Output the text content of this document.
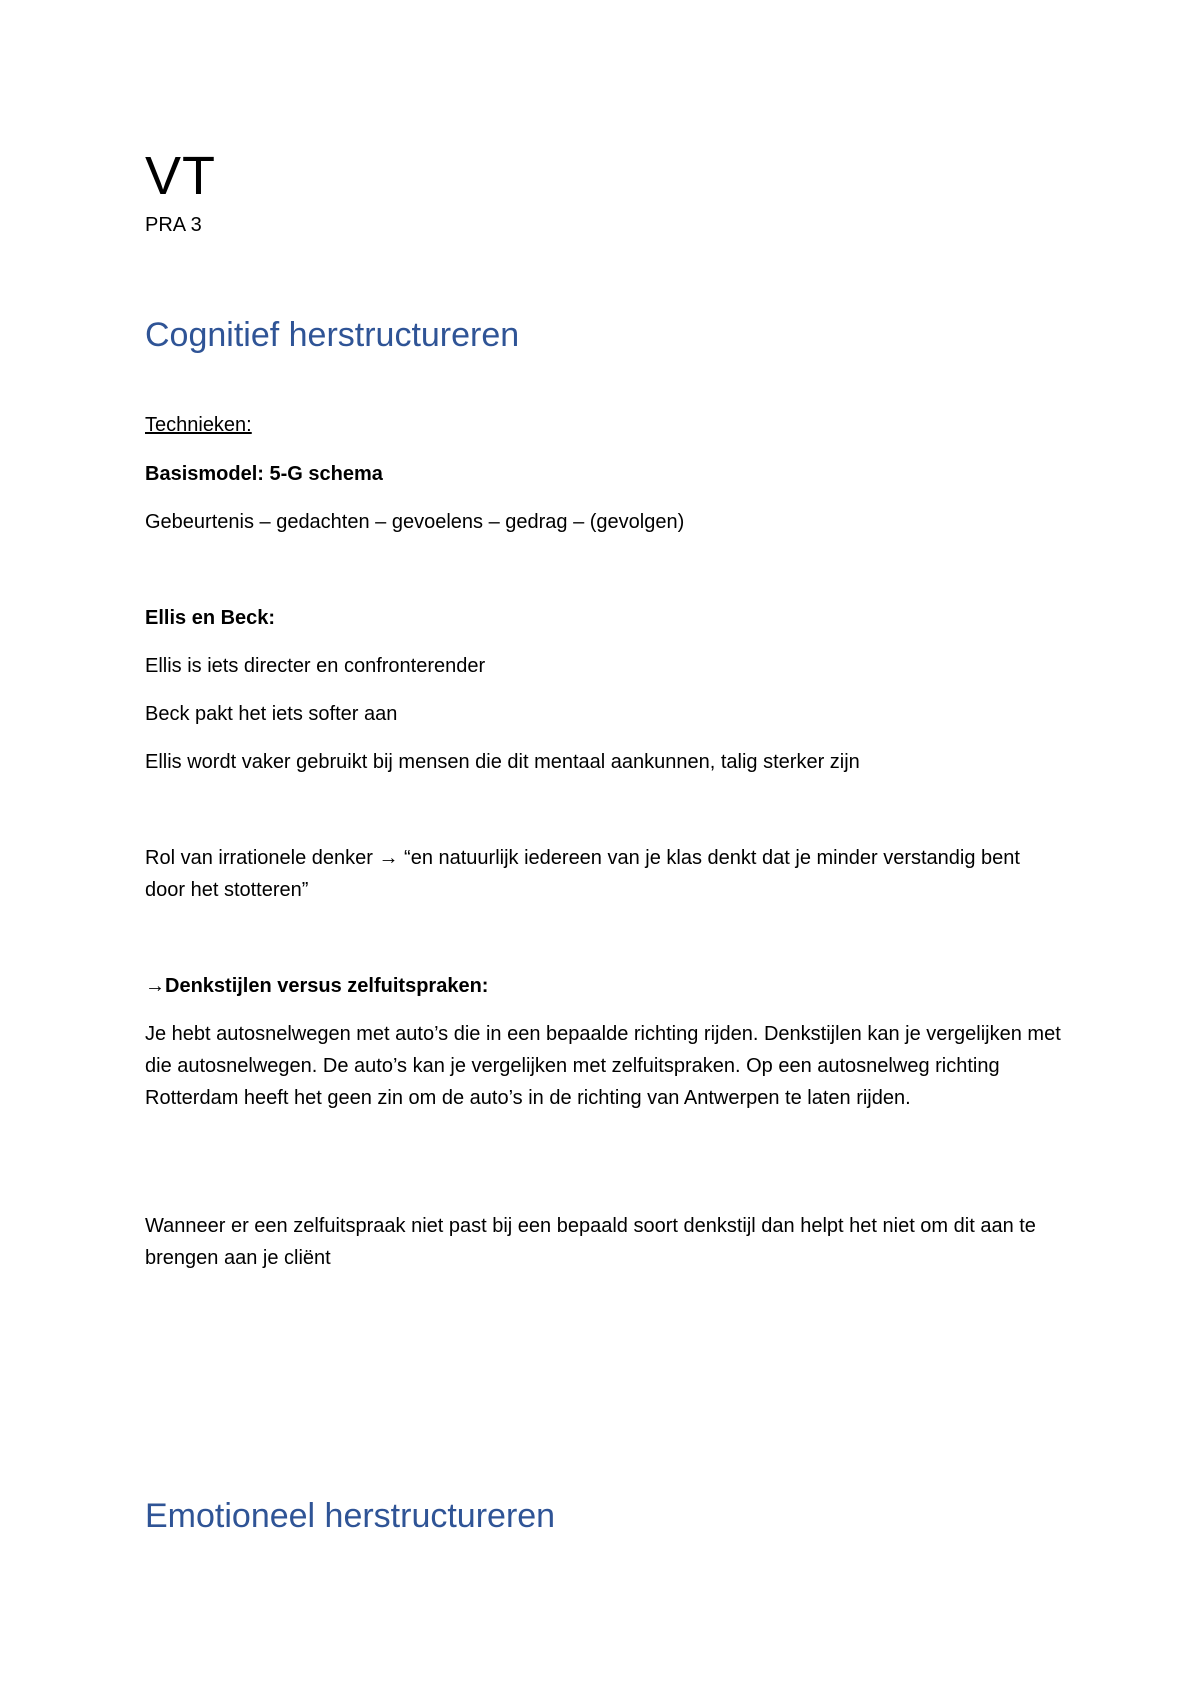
VT
PRA 3
Cognitief herstructureren
Technieken:
Basismodel: 5-G schema
Gebeurtenis – gedachten – gevoelens – gedrag – (gevolgen)
Ellis en Beck:
Ellis is iets directer en confronterender
Beck pakt het iets softer aan
Ellis wordt vaker gebruikt bij mensen die dit mentaal aankunnen, talig sterker zijn
Rol van irrationele denker → “en natuurlijk iedereen van je klas denkt dat je minder verstandig bent door het stotteren”
→Denkstijlen versus zelfuitspraken:
Je hebt autosnelwegen met auto’s die in een bepaalde richting rijden. Denkstijlen kan je vergelijken met die autosnelwegen. De auto’s kan je vergelijken met zelfuitspraken. Op een autosnelweg richting Rotterdam heeft het geen zin om de auto’s in de richting van Antwerpen te laten rijden.
Wanneer er een zelfuitspraak niet past bij een bepaald soort denkstijl dan helpt het niet om dit aan te brengen aan je cliënt
Emotioneel herstructureren
